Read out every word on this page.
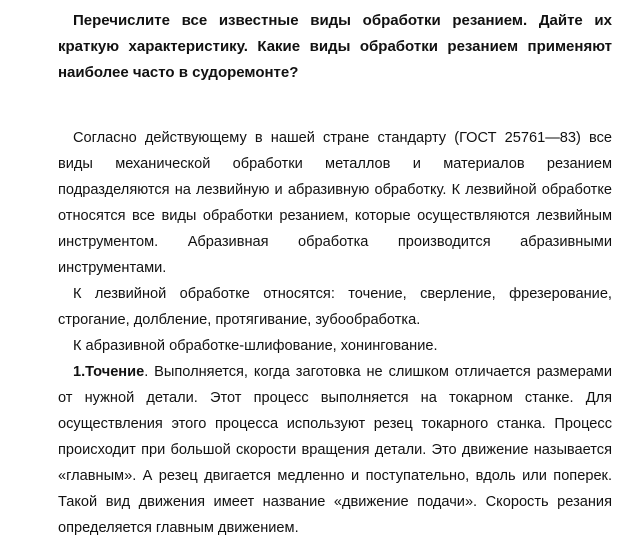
Перечислите все известные виды обработки резанием. Дайте их краткую характеристику. Какие виды обработки резанием применяют наиболее часто в судоремонте?

Согласно действующему в нашей стране стандарту (ГОСТ 25761—83) все виды механической обработки металлов и материалов резанием подразделяются на лезвийную и абразивную обработку. К лезвийной обработке относятся все виды обработки резанием, которые осуществляются лезвийным инструментом. Абразивная обработка производится абразивными инструментами.

К лезвийной обработке относятся: точение, сверление, фрезерование, строгание, долбление, протягивание, зубообработка.

К абразивной обработке-шлифование, хонингование.

1.Точение. Выполняется, когда заготовка не слишком отличается размерами от нужной детали. Этот процесс выполняется на токарном станке. Для осуществления этого процесса используют резец токарного станка. Процесс происходит при большой скорости вращения детали. Это движение называется «главным». А резец двигается медленно и поступательно, вдоль или поперек. Такой вид движения имеет название «движение подачи». Скорость резания определяется главным движением.
